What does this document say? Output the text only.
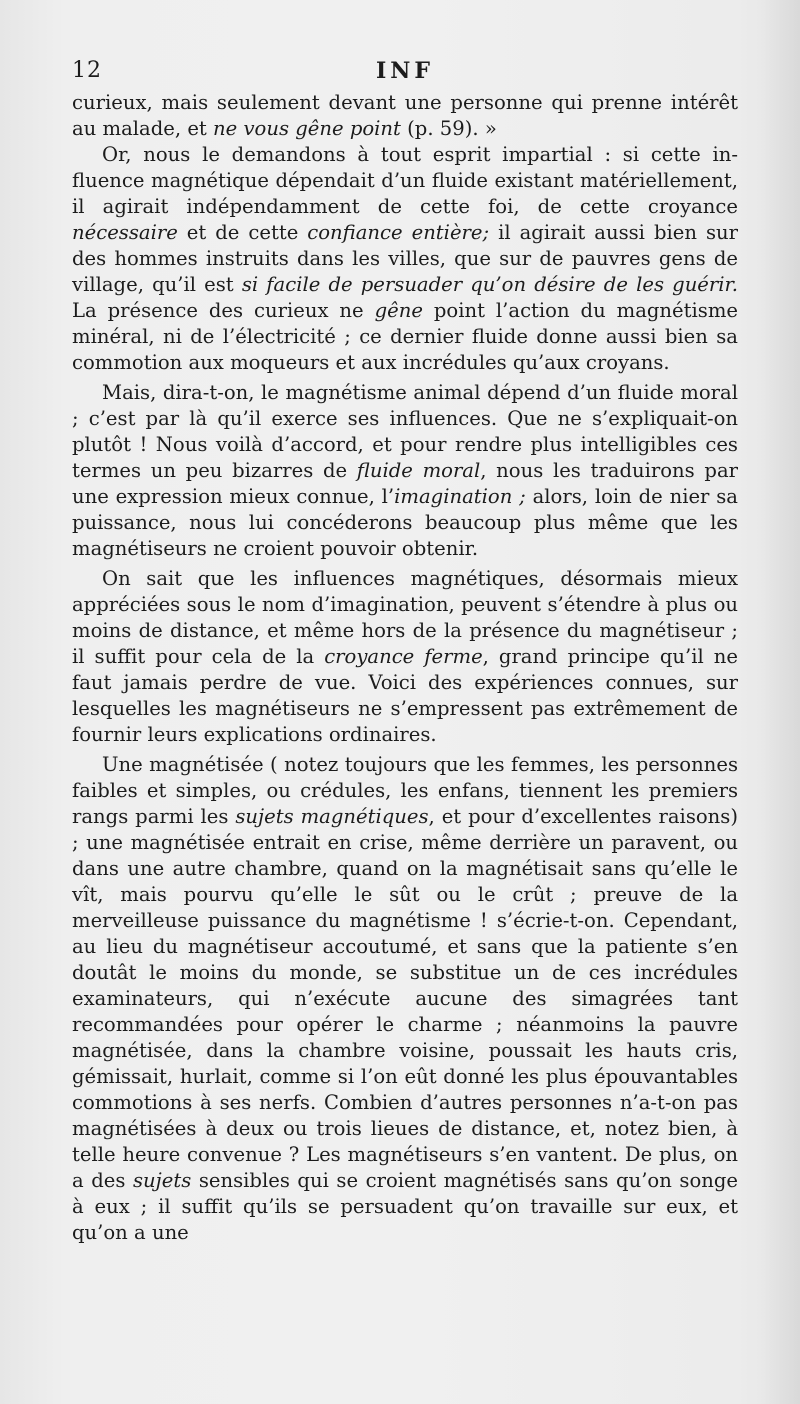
12	INF

curieux, mais seulement devant une personne qui prenne intérêt au malade, et ne vous gêne point (p. 59). »

Or, nous le demandons à tout esprit impartial : si cette influence magnétique dépendait d’un fluide existant matériellement, il agirait indépendamment de cette foi, de cette croyance nécessaire et de cette confiance entière; il agirait aussi bien sur des hommes instruits dans les villes, que sur de pauvres gens de village, qu’il est si facile de persuader qu’on désire de les guérir. La présence des curieux ne gêne point l’action du magnétisme minéral, ni de l’électricité ; ce dernier fluide donne aussi bien sa commotion aux moqueurs et aux incrédules qu’aux croyans.

Mais, dira-t-on, le magnétisme animal dépend d’un fluide moral ; c’est par là qu’il exerce ses influences. Que ne s’expliquait-on plutôt ! Nous voilà d’accord, et pour rendre plus intelligibles ces termes un peu bizarres de fluide moral, nous les traduirons par une expression mieux connue, l’imagination ; alors, loin de nier sa puissance, nous lui concéderons beaucoup plus même que les magnétiseurs ne croient pouvoir obtenir.

On sait que les influences magnétiques, désormais mieux appréciées sous le nom d’imagination, peuvent s’étendre à plus ou moins de distance, et même hors de la présence du magnétiseur ; il suffit pour cela de la croyance ferme, grand principe qu’il ne faut jamais perdre de vue. Voici des expériences connues, sur lesquelles les magnétiseurs ne s’empressent pas extrêmement de fournir leurs explications ordinaires.

Une magnétisée ( notez toujours que les femmes, les personnes faibles et simples, ou crédules, les enfans, tiennent les premiers rangs parmi les sujets magnétiques, et pour d’excellentes raisons) ; une magnétisée entrait en crise, même derrière un paravent, ou dans une autre chambre, quand on la magnétisait sans qu’elle le vît, mais pourvu qu’elle le sût ou le crût ; preuve de la merveilleuse puissance du magnétisme ! s’écrie-t-on. Cependant, au lieu du magnétiseur accoutumé, et sans que la patiente s’en doutât le moins du monde, se substitue un de ces incrédules examinateurs, qui n’exécute aucune des simagrées tant recommandées pour opérer le charme ; néanmoins la pauvre magnétisée, dans la chambre voisine, poussait les hauts cris, gémissait, hurlait, comme si l’on eût donné les plus épouvantables commotions à ses nerfs. Combien d’autres personnes n’a-t-on pas magnétisées à deux ou trois lieues de distance, et, notez bien, à telle heure convenue ? Les magnétiseurs s’en vantent. De plus, on a des sujets sensibles qui se croient magnétisés sans qu’on songe à eux ; il suffit qu’ils se persuadent qu’on travaille sur eux, et qu’on a une
